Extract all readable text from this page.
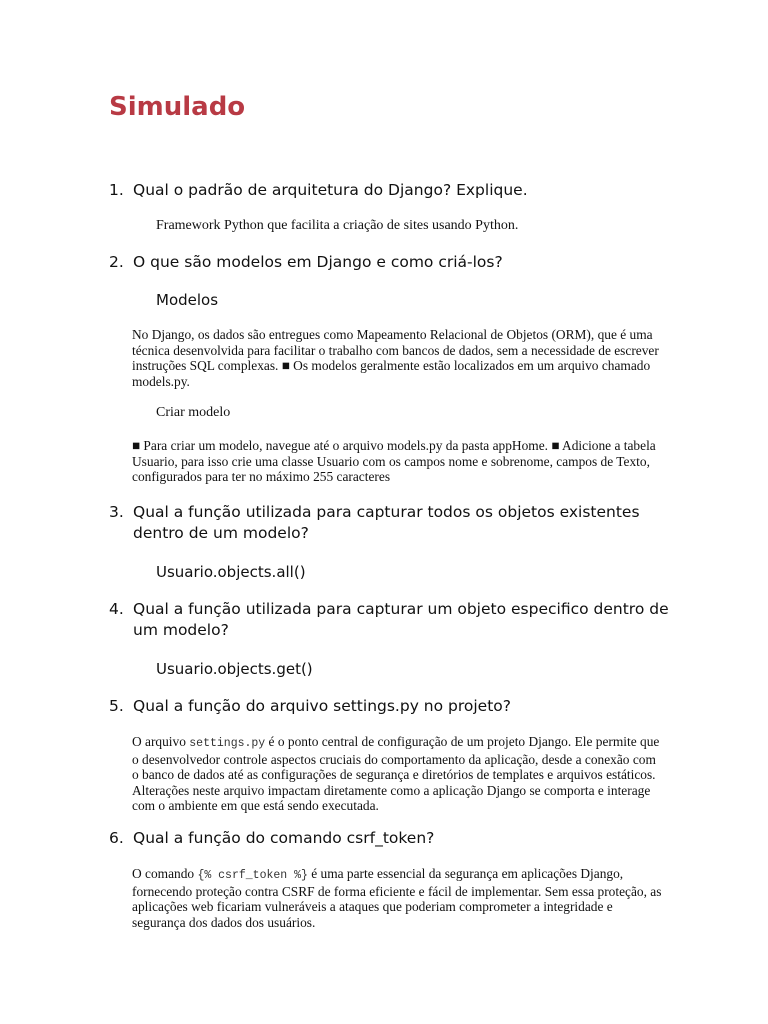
Simulado
1. Qual o padrão de arquitetura do Django? Explique.
Framework Python que facilita a criação de sites usando Python.
2. O que são modelos em Django e como criá-los?
Modelos
No Django, os dados são entregues como Mapeamento Relacional de Objetos (ORM), que é uma técnica desenvolvida para facilitar o trabalho com bancos de dados, sem a necessidade de escrever instruções SQL complexas. ■ Os modelos geralmente estão localizados em um arquivo chamado models.py.
Criar modelo
■ Para criar um modelo, navegue até o arquivo models.py da pasta appHome. ■ Adicione a tabela Usuario, para isso crie uma classe Usuario com os campos nome e sobrenome, campos de Texto, configurados para ter no máximo 255 caracteres
3. Qual a função utilizada para capturar todos os objetos existentes dentro de um modelo?
Usuario.objects.all()
4. Qual a função utilizada para capturar um objeto especifico dentro de um modelo?
Usuario.objects.get()
5. Qual a função do arquivo settings.py no projeto?
O arquivo settings.py é o ponto central de configuração de um projeto Django. Ele permite que o desenvolvedor controle aspectos cruciais do comportamento da aplicação, desde a conexão com o banco de dados até as configurações de segurança e diretórios de templates e arquivos estáticos. Alterações neste arquivo impactam diretamente como a aplicação Django se comporta e interage com o ambiente em que está sendo executada.
6. Qual a função do comando csrf_token?
O comando {% csrf_token %} é uma parte essencial da segurança em aplicações Django, fornecendo proteção contra CSRF de forma eficiente e fácil de implementar. Sem essa proteção, as aplicações web ficariam vulneráveis a ataques que poderiam comprometer a integridade e segurança dos dados dos usuários.
